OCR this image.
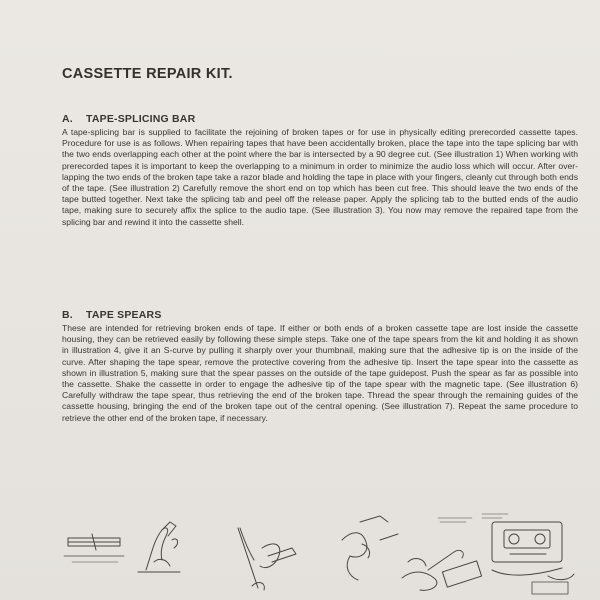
CASSETTE REPAIR KIT.
A. TAPE-SPLICING BAR

A tape-splicing bar is supplied to facilitate the rejoining of broken tapes or for use in physically editing prerecorded cassette tapes. Procedure for use is as follows. When repairing tapes that have been accidentally broken, place the tape into the tape splicing bar with the two ends overlapping each other at the point where the bar is intersected by a 90 degree cut. (See illustration 1) When working with prerecorded tapes it is important to keep the overlapping to a minimum in order to minimize the audio loss which will occur. After over-lapping the two ends of the broken tape take a razor blade and holding the tape in place with your fingers, cleanly cut through both ends of the tape. (See illustration 2) Carefully remove the short end on top which has been cut free. This should leave the two ends of the tape butted together. Next take the splicing tab and peel off the release paper. Apply the splicing tab to the butted ends of the audio tape, making sure to securely affix the splice to the audio tape. (See illustration 3). You now may remove the repaired tape from the splicing bar and rewind it into the cassette shell.

B. TAPE SPEARS

These are intended for retrieving broken ends of tape. If either or both ends of a broken cassette tape are lost inside the cassette housing, they can be retrieved easily by following these simple steps. Take one of the tape spears from the kit and holding it as shown in illustration 4, give it an S-curve by pulling it sharply over your thumbnail, making sure that the adhesive tip is on the inside of the curve. After shaping the tape spear, remove the protective covering from the adhesive tip. Insert the tape spear into the cassette as shown in illustration 5, making sure that the spear passes on the outside of the tape guidepost. Push the spear as far as possible into the cassette. Shake the cassette in order to engage the adhesive tip of the tape spear with the magnetic tape. (See illustration 6) Carefully withdraw the tape spear, thus retrieving the end of the broken tape. Thread the spear through the remaining guides of the cassette housing, bringing the end of the broken tape out of the central opening. (See illustration 7). Repeat the same procedure to retrieve the other end of the broken tape, if necessary.
